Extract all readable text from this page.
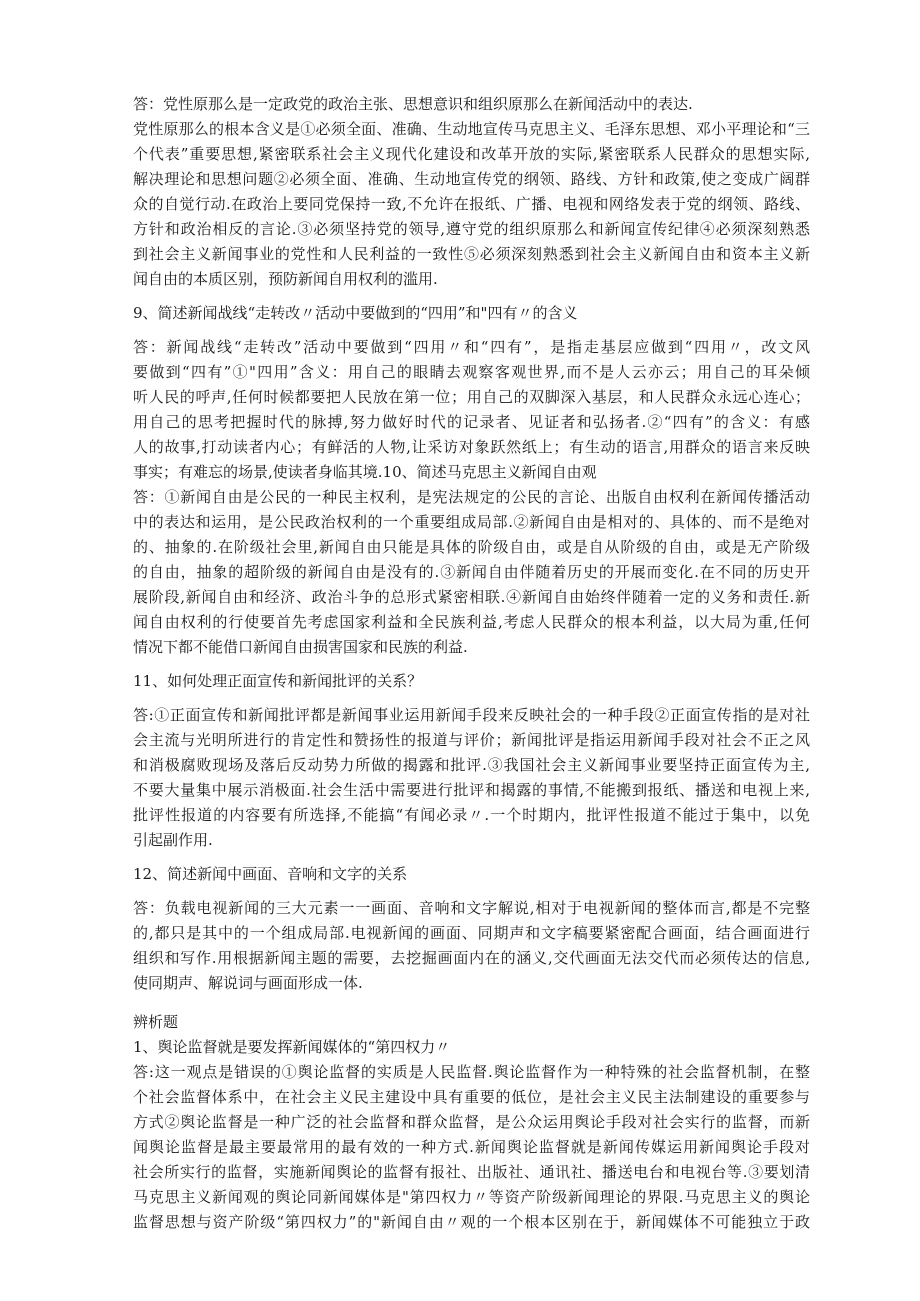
答：党性原那么是一定政党的政治主张、思想意识和组织原那么在新闻活动中的表达.
党性原那么的根本含义是①必须全面、准确、生动地宣传马克思主义、毛泽东思想、邓小平理论和“三
个代表”重要思想,紧密联系社会主义现代化建设和改革开放的实际,紧密联系人民群众的思想实际,
解决理论和思想问题②必须全面、准确、生动地宣传党的纲领、路线、方针和政策,使之变成广阔群
众的自觉行动.在政治上要同党保持一致,不允许在报纸、广播、电视和网络发表于党的纲领、路线、
方针和政治相反的言论.③必须坚持党的领导,遵守党的组织原那么和新闻宣传纪律④必须深刻熟悉
到社会主义新闻事业的党性和人民利益的一致性⑤必须深刻熟悉到社会主义新闻自由和资本主义新
闻自由的本质区别，预防新闻自用权利的滥用.
9、简述新闻战线“走转改〃活动中要做到的“四用”和"四有〃的含义
答：新闻战线“走转改”活动中要做到“四用〃和“四有”，是指走基层应做到“四用〃，改文风
要做到“四有”①"四用”含义：用自己的眼睛去观察客观世界,而不是人云亦云；用自己的耳朵倾
听人民的呼声,任何时候都要把人民放在第一位；用自己的双脚深入基层，和人民群众永远心连心；
用自己的思考把握时代的脉搏,努力做好时代的记录者、见证者和弘扬者.②“四有”的含义：有感
人的故事,打动读者内心；有鲜活的人物,让采访对象跃然纸上；有生动的语言,用群众的语言来反映
事实；有难忘的场景,使读者身临其境.10、简述马克思主义新闻自由观
答：①新闻自由是公民的一种民主权利，是宪法规定的公民的言论、出版自由权利在新闻传播活动
中的表达和运用，是公民政治权利的一个重要组成局部.②新闻自由是相对的、具体的、而不是绝对
的、抽象的.在阶级社会里,新闻自由只能是具体的阶级自由，或是自从阶级的自由，或是无产阶级
的自由，抽象的超阶级的新闻自由是没有的.③新闻自由伴随着历史的开展而变化.在不同的历史开
展阶段,新闻自由和经济、政治斗争的总形式紧密相联.④新闻自由始终伴随着一定的义务和责任.新
闻自由权利的行使要首先考虑国家利益和全民族利益,考虑人民群众的根本利益，以大局为重,任何
情况下都不能借口新闻自由损害国家和民族的利益.
11、如何处理正面宣传和新闻批评的关系？
答:①正面宣传和新闻批评都是新闻事业运用新闻手段来反映社会的一种手段②正面宣传指的是对社
会主流与光明所进行的肯定性和赞扬性的报道与评价；新闻批评是指运用新闻手段对社会不正之风
和消极腐败现场及落后反动势力所做的揭露和批评.③我国社会主义新闻事业要坚持正面宣传为主,
不要大量集中展示消极面.社会生活中需要进行批评和揭露的事情,不能搬到报纸、播送和电视上来,
批评性报道的内容要有所选择,不能搞“有闻必录〃.一个时期内，批评性报道不能过于集中，以免
引起副作用.
12、简述新闻中画面、音响和文字的关系
答：负载电视新闻的三大元素一一画面、音响和文字解说,相对于电视新闻的整体而言,都是不完整
的,都只是其中的一个组成局部.电视新闻的画面、同期声和文字稿要紧密配合画面，结合画面进行
组织和写作.用根据新闻主题的需要，去挖掘画面内在的涵义,交代画面无法交代而必须传达的信息,
使同期声、解说词与画面形成一体.
辨析题
1、舆论监督就是要发挥新闻媒体的“第四权力〃
答:这一观点是错误的①舆论监督的实质是人民监督.舆论监督作为一种特殊的社会监督机制，在整
个社会监督体系中，在社会主义民主建设中具有重要的低位，是社会主义民主法制建设的重要参与
方式②舆论监督是一种广泛的社会监督和群众监督，是公众运用舆论手段对社会实行的监督，而新
闻舆论监督是最主要最常用的最有效的一种方式.新闻舆论监督就是新闻传媒运用新闻舆论手段对
社会所实行的监督，实施新闻舆论的监督有报社、出版社、通讯社、播送电台和电视台等.③要划清
马克思主义新闻观的舆论同新闻媒体是"第四权力〃等资产阶级新闻理论的界限.马克思主义的舆论
监督思想与资产阶级“第四权力”的"新闻自由〃观的一个根本区别在于，新闻媒体不可能独立于政
